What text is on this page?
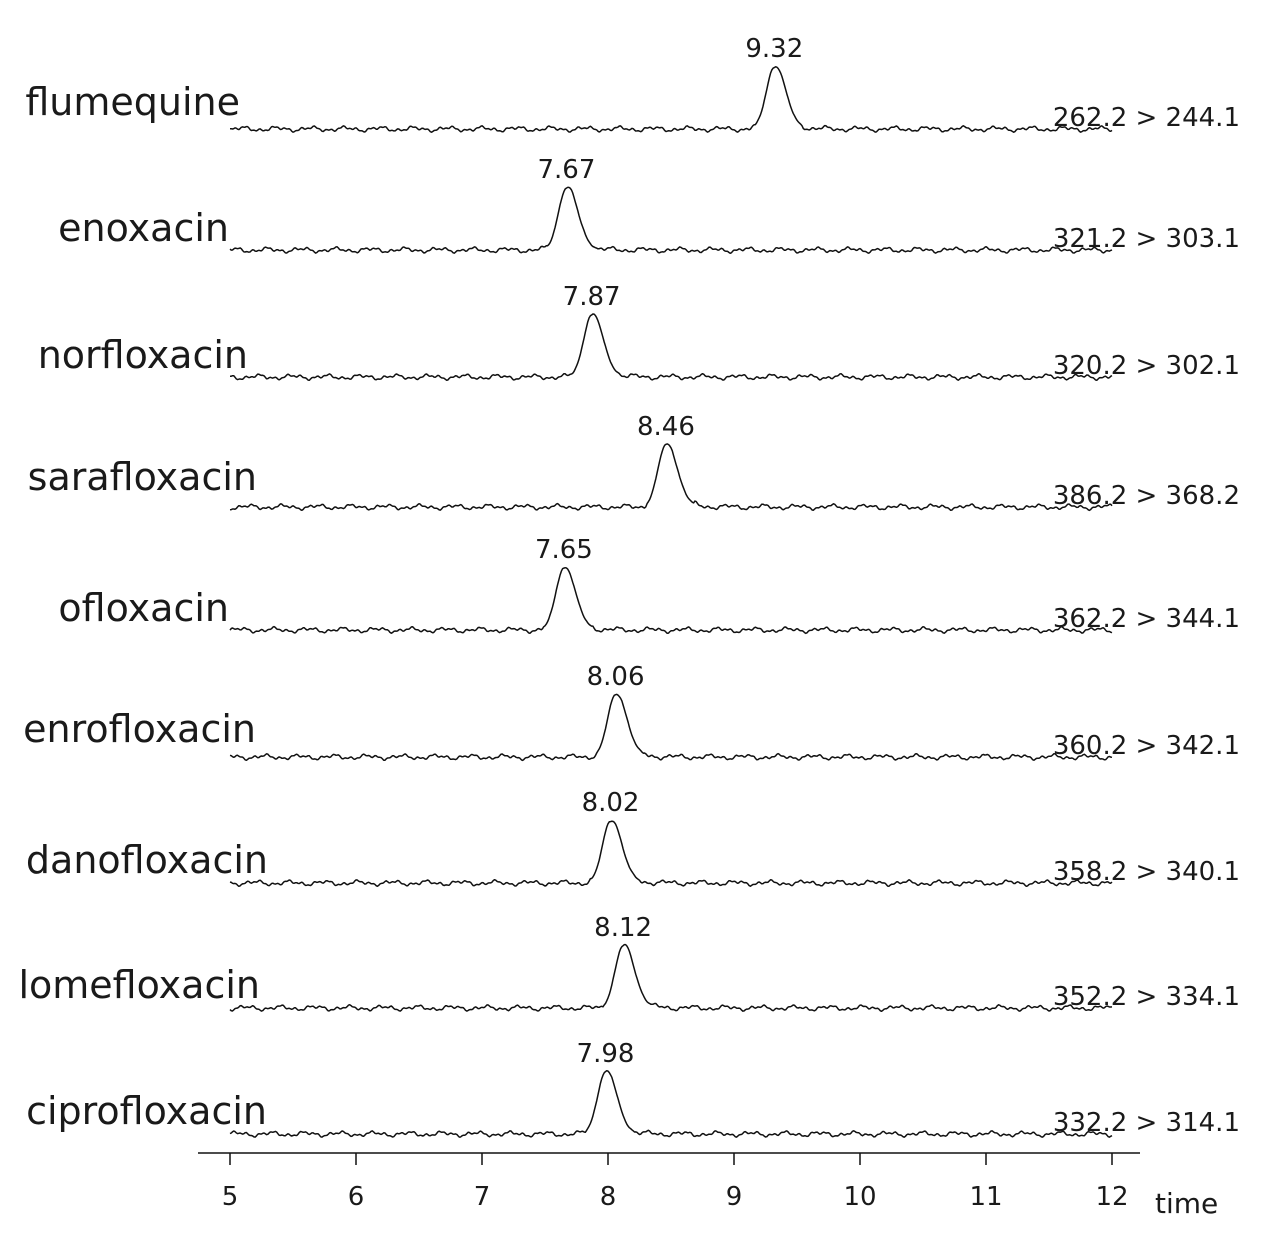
flumequine
9.32
262.2 > 244.1
enoxacin
7.67
321.2 > 303.1
norfloxacin
7.87
320.2 > 302.1
sarafloxacin
8.46
386.2 > 368.2
ofloxacin
7.65
362.2 > 344.1
enrofloxacin
8.06
360.2 > 342.1
danofloxacin
8.02
358.2 > 340.1
lomefloxacin
8.12
352.2 > 334.1
ciprofloxacin
7.98
332.2 > 314.1
5	6	7	8	9	10	11	12 time
